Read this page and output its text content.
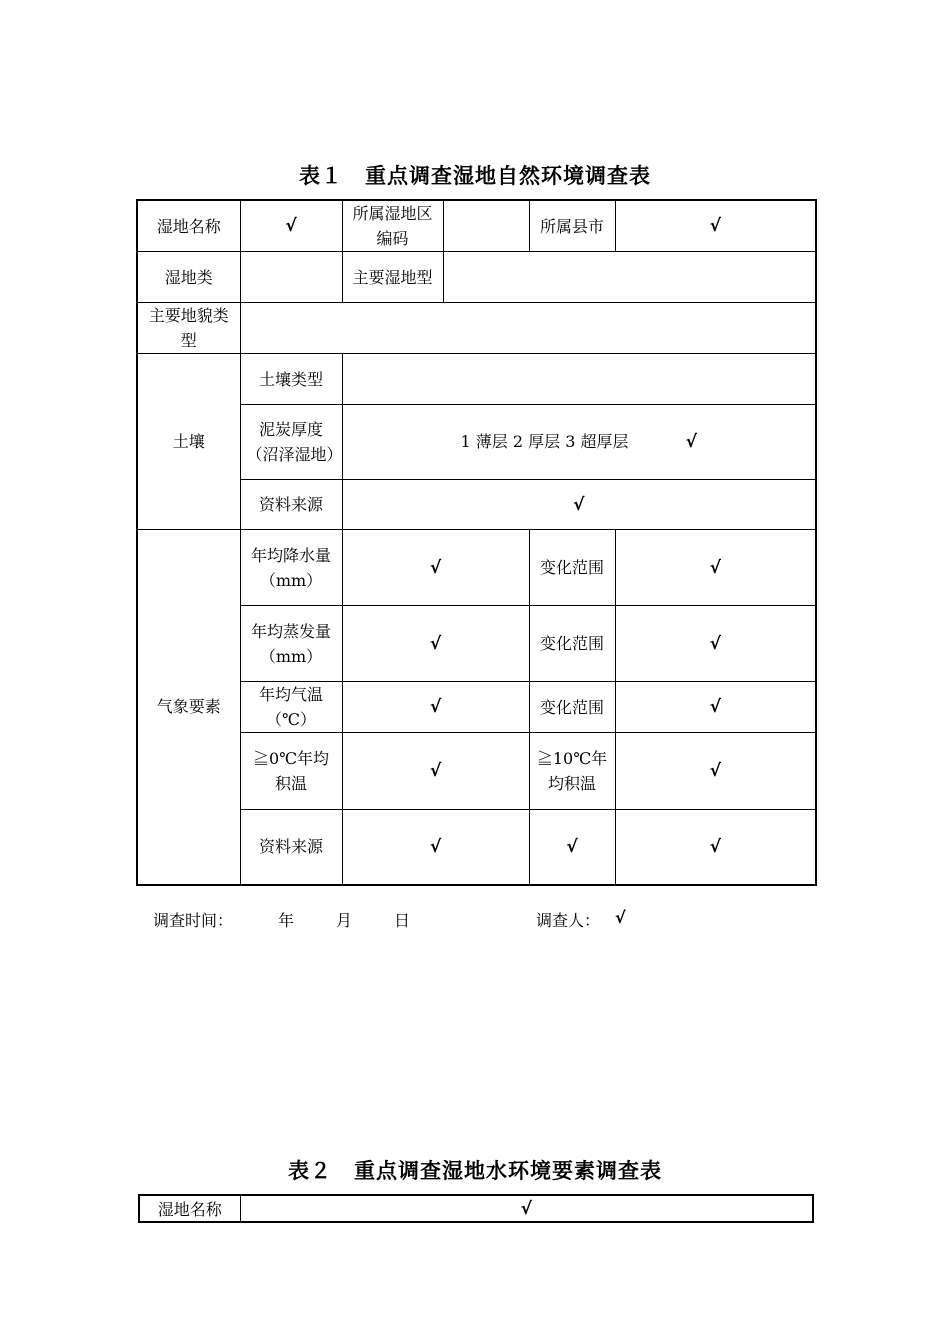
表１　重点调查湿地自然环境调查表
湿地名称	√	所属湿地区编码		所属县市	√
湿地类		主要湿地型			
主要地貌类型					
土壤	土壤类型				
	泥炭厚度（沼泽湿地）	1 薄层 2 厚层 3 超厚层 √			
	资料来源	√			
气象要素	年均降水量（mm）	√		变化范围	√
	年均蒸发量（mm）	√		变化范围	√
	年均气温（℃）	√		变化范围	√
	≧0℃年均积温	√		≧10℃年均积温	√
	资料来源	√		√	√
调查时间：	年	月	日	调查人： √
表２　重点调查湿地水环境要素调查表
湿地名称	√
